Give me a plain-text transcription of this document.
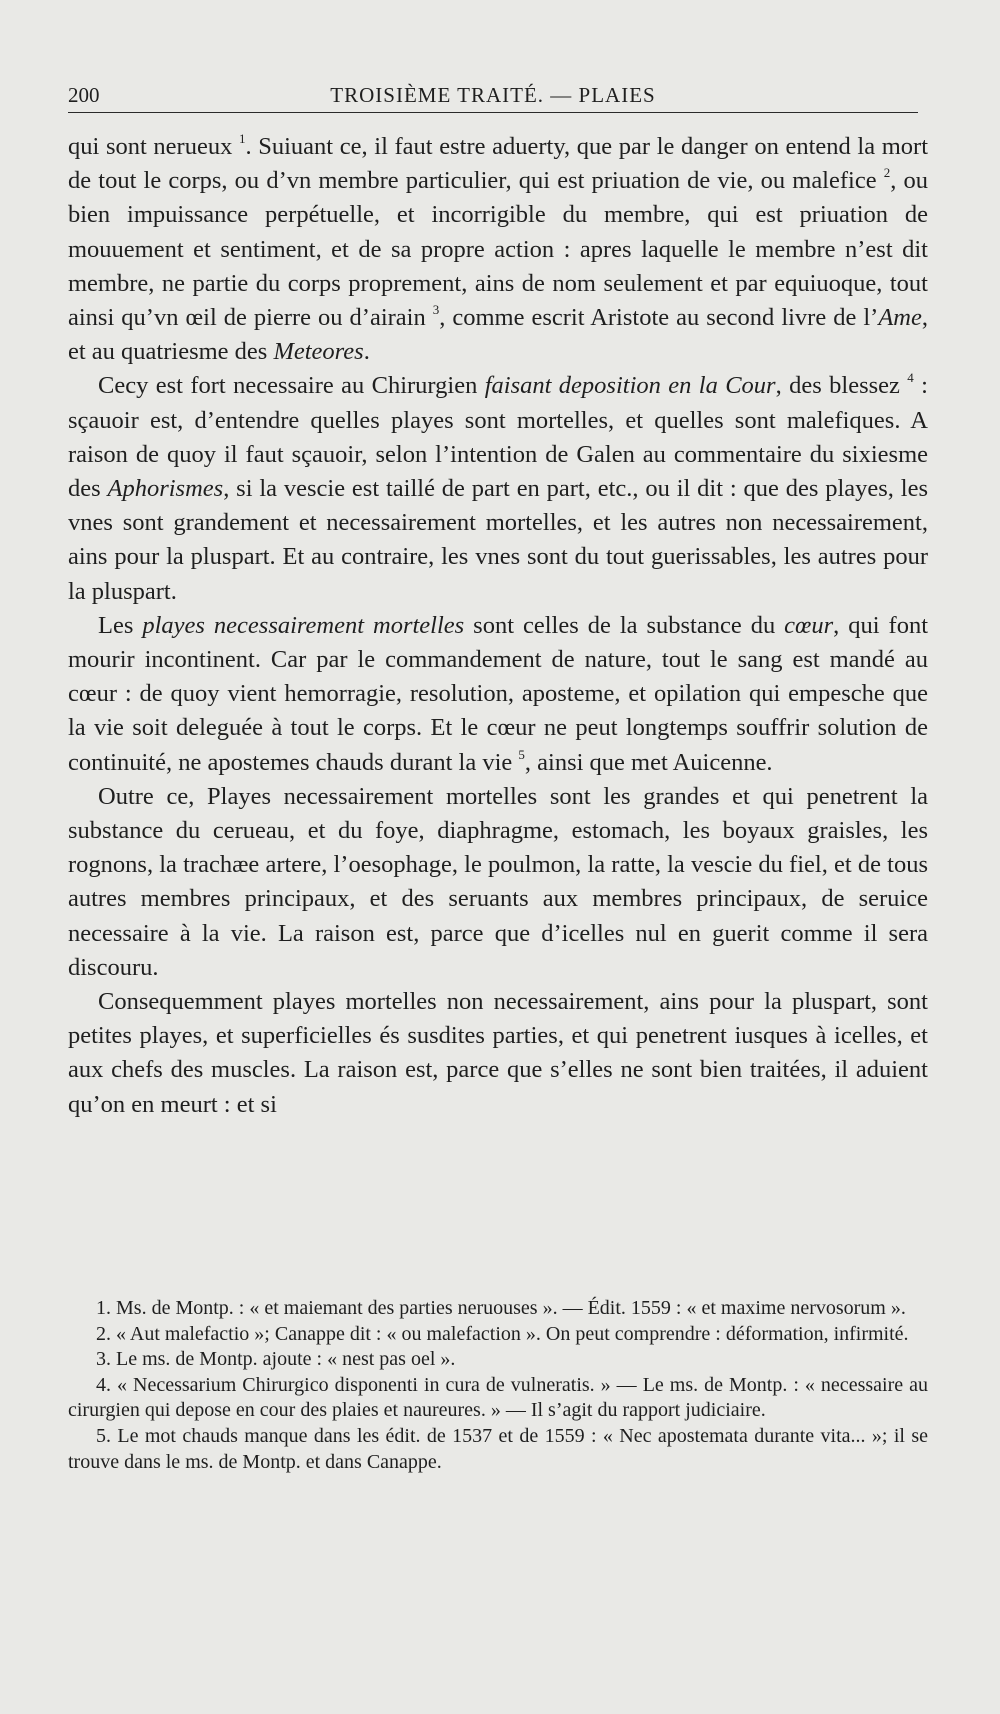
200	TROISIÈME TRAITÉ. — PLAIES

qui sont nerueux $^1$. Suiuant ce, il faut estre aduerty, que par le danger on entend la mort de tout le corps, ou d’vn membre particulier, qui est priuation de vie, ou malefice $^2$, ou bien impuissance perpétuelle, et incorrigible du membre, qui est priuation de mouuement et sentiment, et de sa propre action : apres laquelle le membre n’est dit membre, ne partie du corps proprement, ains de nom seulement et par equiuoque, tout ainsi qu’vn œil de pierre ou d’airain $^3$, comme escrit Aristote au second livre de l’Ame, et au quatriesme des Meteores.

Cecy est fort necessaire au Chirurgien faisant deposition en la Cour, des blessez $^4$ : sçauoir est, d’entendre quelles playes sont mortelles, et quelles sont malefiques. A raison de quoy il faut sçauoir, selon l’intention de Galen au commentaire du sixiesme des Aphorismes, si la vescie est taillé de part en part, etc., ou il dit : que des playes, les vnes sont grandement et necessairement mortelles, et les autres non necessairement, ains pour la pluspart. Et au contraire, les vnes sont du tout guerissables, les autres pour la pluspart.

Les playes necessairement mortelles sont celles de la substance du cœur, qui font mourir incontinent. Car par le commandement de nature, tout le sang est mandé au cœur : de quoy vient hemorragie, resolution, aposteme, et opilation qui empesche que la vie soit deleguée à tout le corps. Et le cœur ne peut longtemps souffrir solution de continuité, ne apostemes chauds durant la vie $^5$, ainsi que met Auicenne.

Outre ce, Playes necessairement mortelles sont les grandes et qui penetrent la substance du cerueau, et du foye, diaphragme, estomach, les boyaux graisles, les rognons, la trachæe artere, l’oesophage, le poulmon, la ratte, la vescie du fiel, et de tous autres membres principaux, et des seruants aux membres principaux, de seruice necessaire à la vie. La raison est, parce que d’icelles nul en guerit comme il sera discouru.

Consequemment playes mortelles non necessairement, ains pour la pluspart, sont petites playes, et superficielles és susdites parties, et qui penetrent iusques à icelles, et aux chefs des muscles. La raison est, parce que s’elles ne sont bien traitées, il aduient qu’on en meurt : et si

1. Ms. de Montp. : « et maiemant des parties neruouses ». — Édit. 1559 : « et maxime nervosorum ».

2. « Aut malefactio »; Canappe dit : « ou malefaction ». On peut comprendre : déformation, infirmité.

3. Le ms. de Montp. ajoute : « nest pas oel ».

4. « Necessarium Chirurgico disponenti in cura de vulneratis. » — Le ms. de Montp. : « necessaire au cirurgien qui depose en cour des plaies et naureures. » — Il s’agit du rapport judiciaire.

5. Le mot chauds manque dans les édit. de 1537 et de 1559 : « Nec apostemata durante vita... »; il se trouve dans le ms. de Montp. et dans Canappe.
